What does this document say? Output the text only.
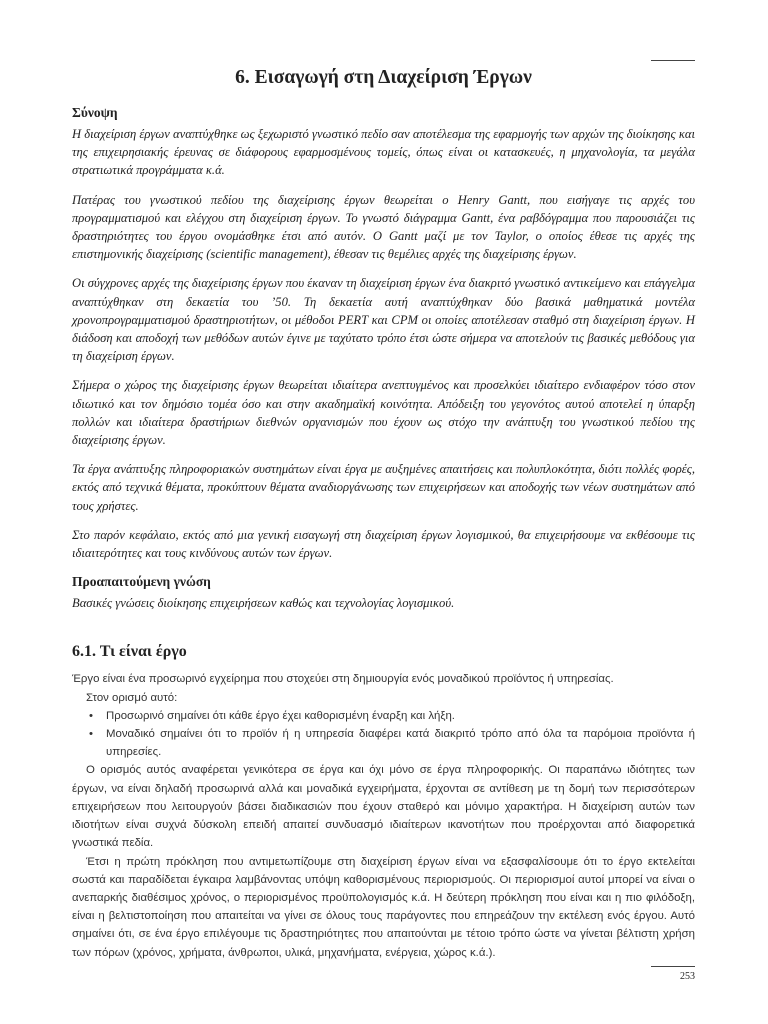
6. Εισαγωγή στη Διαχείριση Έργων
Σύνοψη

Η διαχείριση έργων αναπτύχθηκε ως ξεχωριστό γνωστικό πεδίο σαν αποτέλεσμα της εφαρμογής των αρχών της διοίκησης και της επιχειρησιακής έρευνας σε διάφορους εφαρμοσμένους τομείς, όπως είναι οι κατασκευές, η μηχανολογία, τα μεγάλα στρατιωτικά προγράμματα κ.ά.

Πατέρας του γνωστικού πεδίου της διαχείρισης έργων θεωρείται ο Henry Gantt, που εισήγαγε τις αρχές του προγραμματισμού και ελέγχου στη διαχείριση έργων. Το γνωστό διάγραμμα Gantt, ένα ραβδόγραμμα που παρουσιάζει τις δραστηριότητες του έργου ονομάσθηκε έτσι από αυτόν. Ο Gantt μαζί με τον Taylor, ο οποίος έθεσε τις αρχές της επιστημονικής διαχείρισης (scientific management), έθεσαν τις θεμέλιες αρχές της διαχείρισης έργων.

Οι σύγχρονες αρχές της διαχείρισης έργων που έκαναν τη διαχείριση έργων ένα διακριτό γνωστικό αντικείμενο και επάγγελμα αναπτύχθηκαν στη δεκαετία του ’50. Τη δεκαετία αυτή αναπτύχθηκαν δύο βασικά μαθηματικά μοντέλα χρονοπρογραμματισμού δραστηριοτήτων, οι μέθοδοι PERT και CPM οι οποίες αποτέλεσαν σταθμό στη διαχείριση έργων. Η διάδοση και αποδοχή των μεθόδων αυτών έγινε με ταχύτατο τρόπο έτσι ώστε σήμερα να αποτελούν τις βασικές μεθόδους για τη διαχείριση έργων.

Σήμερα ο χώρος της διαχείρισης έργων θεωρείται ιδιαίτερα ανεπτυγμένος και προσελκύει ιδιαίτερο ενδιαφέρον τόσο στον ιδιωτικό και τον δημόσιο τομέα όσο και στην ακαδημαϊκή κοινότητα. Απόδειξη του γεγονότος αυτού αποτελεί η ύπαρξη πολλών και ιδιαίτερα δραστήριων διεθνών οργανισμών που έχουν ως στόχο την ανάπτυξη του γνωστικού πεδίου της διαχείρισης έργων.

Τα έργα ανάπτυξης πληροφοριακών συστημάτων είναι έργα με αυξημένες απαιτήσεις και πολυπλοκότητα, διότι πολλές φορές, εκτός από τεχνικά θέματα, προκύπτουν θέματα αναδιοργάνωσης των επιχειρήσεων και αποδοχής των νέων συστημάτων από τους χρήστες.

Στο παρόν κεφάλαιο, εκτός από μια γενική εισαγωγή στη διαχείριση έργων λογισμικού, θα επιχειρήσουμε να εκθέσουμε τις ιδιαιτερότητες και τους κινδύνους αυτών των έργων.

Προαπαιτούμενη γνώση

Βασικές γνώσεις διοίκησης επιχειρήσεων καθώς και τεχνολογίας λογισμικού.

6.1. Τι είναι έργο

Έργο είναι ένα προσωρινό εγχείρημα που στοχεύει στη δημιουργία ενός μοναδικού προϊόντος ή υπηρεσίας.

Στον ορισμό αυτό:

• Προσωρινό σημαίνει ότι κάθε έργο έχει καθορισμένη έναρξη και λήξη.
• Μοναδικό σημαίνει ότι το προϊόν ή η υπηρεσία διαφέρει κατά διακριτό τρόπο από όλα τα παρόμοια προϊόντα ή υπηρεσίες.

Ο ορισμός αυτός αναφέρεται γενικότερα σε έργα και όχι μόνο σε έργα πληροφορικής. Οι παραπάνω ιδιότητες των έργων, να είναι δηλαδή προσωρινά αλλά και μοναδικά εγχειρήματα, έρχονται σε αντίθεση με τη δομή των περισσότερων επιχειρήσεων που λειτουργούν βάσει διαδικασιών που έχουν σταθερό και μόνιμο χαρακτήρα. Η διαχείριση αυτών των ιδιοτήτων είναι συχνά δύσκολη επειδή απαιτεί συνδυασμό ιδιαίτερων ικανοτήτων που προέρχονται από διαφορετικά γνωστικά πεδία.

Έτσι η πρώτη πρόκληση που αντιμετωπίζουμε στη διαχείριση έργων είναι να εξασφαλίσουμε ότι το έργο εκτελείται σωστά και παραδίδεται έγκαιρα λαμβάνοντας υπόψη καθορισμένους περιορισμούς. Οι περιορισμοί αυτοί μπορεί να είναι ο ανεπαρκής διαθέσιμος χρόνος, ο περιορισμένος προϋπολογισμός κ.ά. Η δεύτερη πρόκληση που είναι και η πιο φιλόδοξη, είναι η βελτιστοποίηση που απαιτείται να γίνει σε όλους τους παράγοντες που επηρεάζουν την εκτέλεση ενός έργου. Αυτό σημαίνει ότι, σε ένα έργο επιλέγουμε τις δραστηριότητες που απαιτούνται με τέτοιο τρόπο ώστε να γίνεται βέλτιστη χρήση των πόρων (χρόνος, χρήματα, άνθρωποι, υλικά, μηχανήματα, ενέργεια, χώρος κ.ά.).

253
